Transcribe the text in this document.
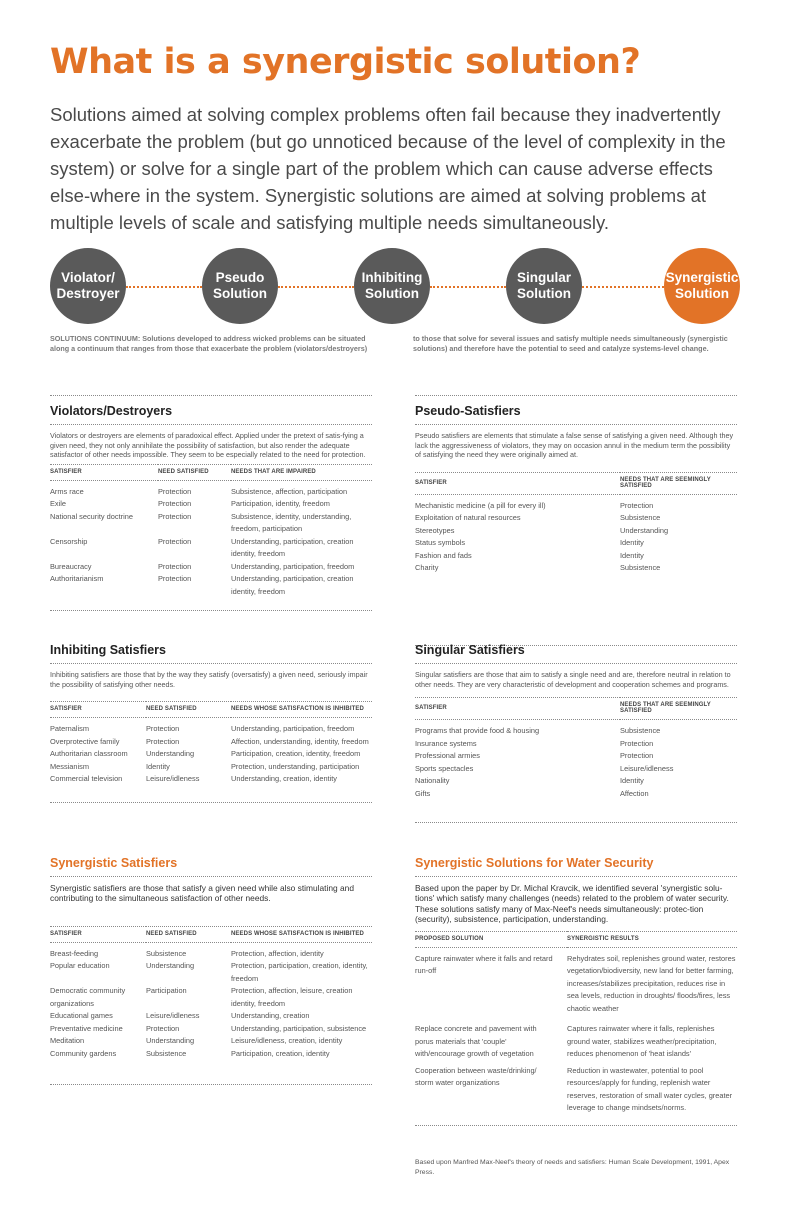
What is a synergistic solution?
Solutions aimed at solving complex problems often fail because they inadvertently exacerbate the problem (but go unnoticed because of the level of complexity in the system) or solve for a single part of the problem which can cause adverse effects else-where in the system. Synergistic solutions are aimed at solving problems at multiple levels of scale and satisfying multiple needs simultaneously.
Violator/
Destroyer
Pseudo
Solution
Inhibiting
Solution
Singular
Solution
Synergistic
Solution
SOLUTIONS CONTINUUM: Solutions developed to address wicked problems can be situated along a continuum that ranges from those that exacerbate the problem (violators/destroyers)
to those that solve for several issues and satisfy multiple needs simultaneously (synergistic solutions) and therefore have the potential to seed and catalyze systems-level change.
Violators/Destroyers
Violators or destroyers are elements of paradoxical effect. Applied under the pretext of satis-fying a given need, they not only annihilate the possibility of satisfaction, but also render the adequate satisfactor of other needs impossible. They seem to be especially related to the need for protection.
SATISFIER	NEED SATISFIED	NEEDS THAT ARE IMPAIRED
Arms race	Protection	Subsistence, affection, participation
Exile	Protection	Participation, identity, freedom
National security doctrine	Protection	Subsistence, identity, understanding, freedom, participation
Censorship	Protection	Understanding, participation, creation identity, freedom
Bureaucracy	Protection	Understanding, participation, freedom
Authoritarianism	Protection	Understanding, participation, creation identity, freedom
Pseudo-Satisfiers
Pseudo satisfiers are elements that stimulate a false sense of satisfying a given need. Although they lack the aggressiveness of violators, they may on occasion annul in the medium term the possibility of satisfying the need they were originally aimed at.
SATISFIER	NEEDS THAT ARE SEEMINGLY SATISFIED
Mechanistic medicine (a pill for every ill)	Protection
Exploitation of natural resources	Subsistence
Stereotypes	Understanding
Status symbols	Identity
Fashion and fads	Identity
Charity	Subsistence
Inhibiting Satisfiers
Inhibiting satisfiers are those that by the way they satisfy (oversatisfy) a given need, seriously impair the possibility of satisfying other needs.
SATISFIER	NEED SATISFIED	NEEDS WHOSE SATISFACTION IS INHIBITED
Paternalism	Protection	Understanding, participation, freedom
Overprotective family	Protection	Affection, understanding, identity, freedom
Authoritarian classroom	Understanding	Participation, creation, identity, freedom
Messianism	Identity	Protection, understanding, participation
Commercial television	Leisure/idleness	Understanding, creation, identity
Singular Satisfiers
Singular satisfiers are those that aim to satisfy a single need and are, therefore neutral in relation to other needs. They are very characteristic of development and cooperation schemes and programs.
SATISFIER	NEEDS THAT ARE SEEMINGLY SATISFIED
Programs that provide food & housing	Subsistence
Insurance systems	Protection
Professional armies	Protection
Sports spectacles	Leisure/idleness
Nationality	Identity
Gifts	Affection
Synergistic Satisfiers
Synergistic satisfiers are those that satisfy a given need while also stimulating and contributing to the simultaneous satisfaction of other needs.
SATISFIER	NEED SATISFIED	NEEDS WHOSE SATISFACTION IS INHIBITED
Breast-feeding	Subsistence	Protection, affection, identity
Popular education	Understanding	Protection, participation, creation, identity, freedom
Democratic community organizations	Participation	Protection, affection, leisure, creation identity, freedom
Educational games	Leisure/idleness	Understanding, creation
Preventative medicine	Protection	Understanding, participation, subsistence
Meditation	Understanding	Leisure/idleness, creation, identity
Community gardens	Subsistence	Participation, creation, identity
Synergistic Solutions for Water Security
Based upon the paper by Dr. Michal Kravcik, we identified several 'synergistic solu-tions' which satisfy many challenges (needs) related to the problem of water security. These solutions satisfy many of Max-Neef's needs simultaneously: protec-tion (security), subsistence, participation, understanding.
PROPOSED SOLUTION	SYNERGISTIC RESULTS
Capture rainwater where it falls and retard run-off	Rehydrates soil, replenishes ground water, restores vegetation/biodiversity, new land for better farming, increases/stabilizes precipitation, reduces rise in sea levels, reduction in droughts/ floods/fires, less chaotic weather
Replace concrete and pavement with porus materials that 'couple' with/encourage growth of vegetation	Captures rainwater where it falls, replenishes ground water, stabilizes weather/precipitation, reduces phenomenon of 'heat islands'
Cooperation between waste/drinking/ storm water organizations	Reduction in wastewater, potential to pool resources/apply for funding, replenish water reserves, restoration of small water cycles, greater leverage to change mindsets/norms.
Based upon Manfred Max-Neef's theory of needs and satisfiers: Human Scale Development, 1991, Apex Press.
